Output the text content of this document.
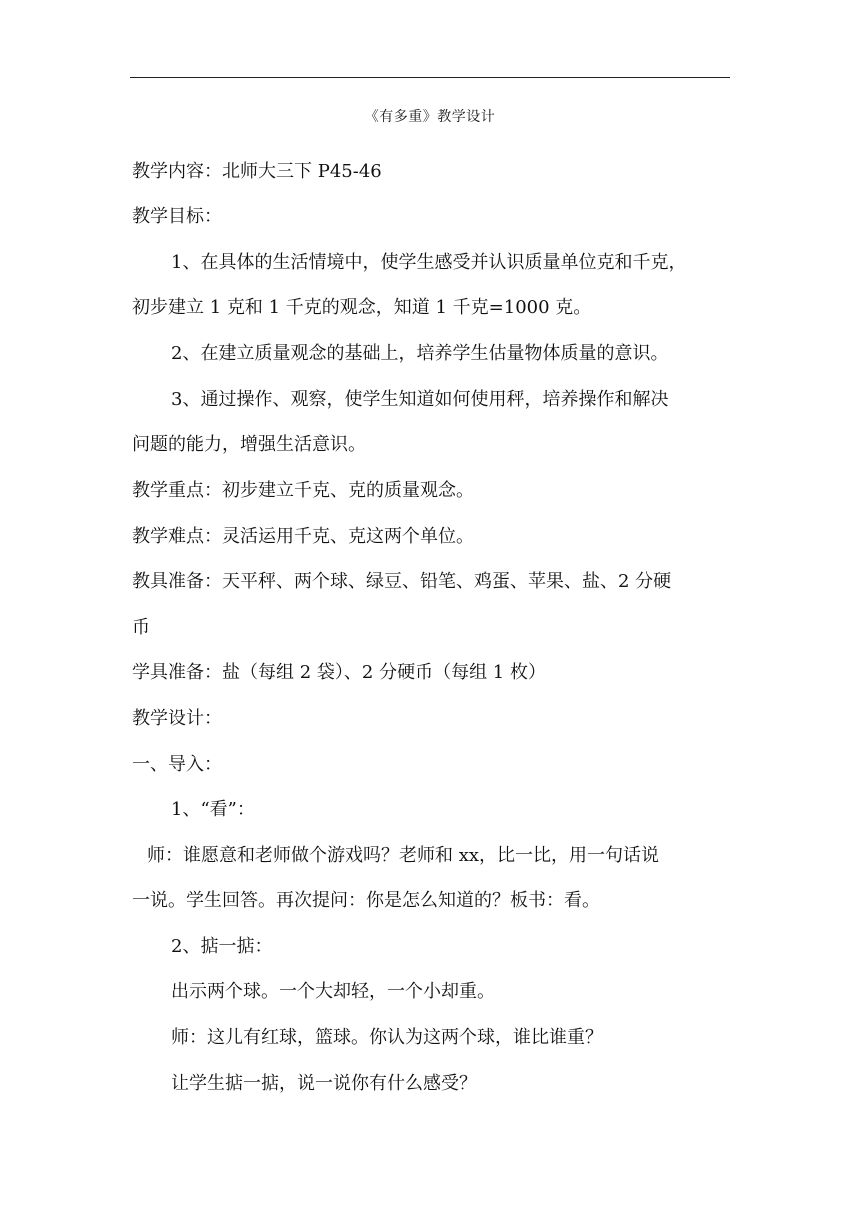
《有多重》教学设计
教学内容：北师大三下 P45-46
教学目标：
1、在具体的生活情境中，使学生感受并认识质量单位克和千克，
初步建立 1 克和 1 千克的观念，知道 1 千克=1000 克。
2、在建立质量观念的基础上，培养学生估量物体质量的意识。
3、通过操作、观察，使学生知道如何使用秤，培养操作和解决
问题的能力，增强生活意识。
教学重点：初步建立千克、克的质量观念。
教学难点：灵活运用千克、克这两个单位。
教具准备：天平秤、两个球、绿豆、铅笔、鸡蛋、苹果、盐、2 分硬
币
学具准备：盐（每组 2 袋）、2 分硬币（每组 1 枚）
教学设计：
一、导入：
1、“看”：
师：谁愿意和老师做个游戏吗？老师和 xx，比一比，用一句话说
一说。学生回答。再次提问：你是怎么知道的？板书：看。
2、掂一掂：
出示两个球。一个大却轻，一个小却重。
师：这儿有红球，篮球。你认为这两个球，谁比谁重？
让学生掂一掂，说一说你有什么感受？
